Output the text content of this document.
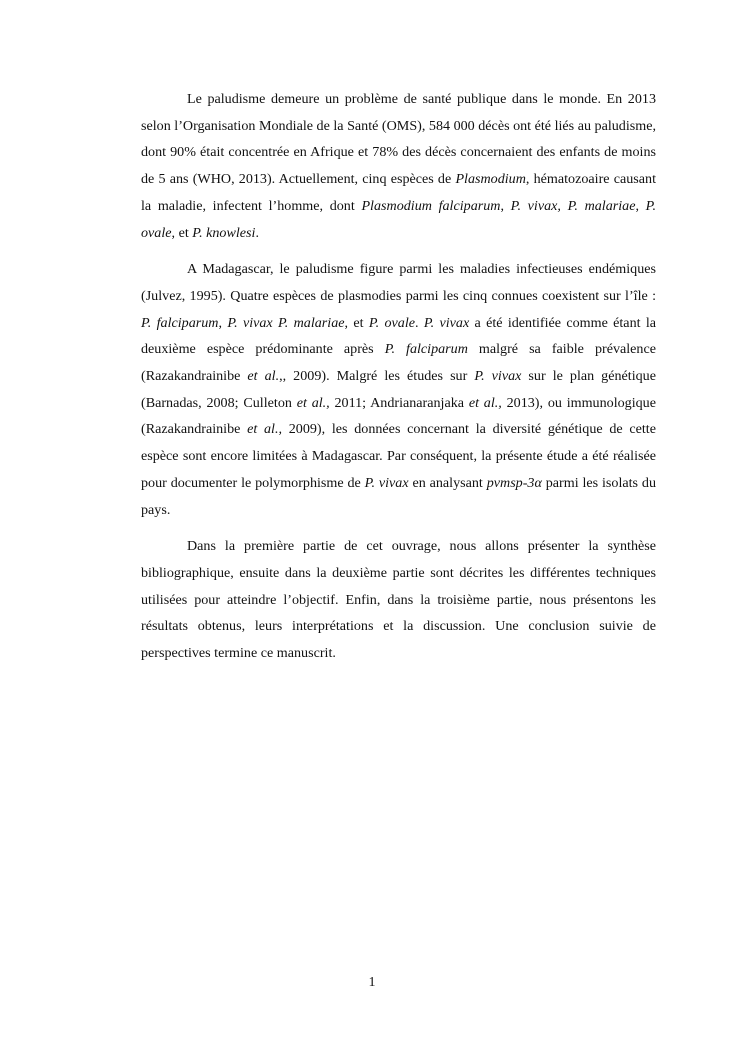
Le paludisme demeure un problème de santé publique dans le monde. En 2013 selon l’Organisation Mondiale de la Santé (OMS), 584 000 décès ont été liés au paludisme, dont 90% était concentrée en Afrique et 78% des décès concernaient des enfants de moins de 5 ans (WHO, 2013). Actuellement, cinq espèces de Plasmodium, hématozoaire causant la maladie, infectent l’homme, dont Plasmodium falciparum, P. vivax, P. malariae, P. ovale, et P. knowlesi.

A Madagascar, le paludisme figure parmi les maladies infectieuses endémiques (Julvez, 1995). Quatre espèces de plasmodies parmi les cinq connues coexistent sur l’île : P. falciparum, P. vivax P. malariae, et P. ovale. P. vivax a été identifiée comme étant la deuxième espèce prédominante après P. falciparum malgré sa faible prévalence (Razakandrainibe et al.,, 2009). Malgré les études sur P. vivax sur le plan génétique (Barnadas, 2008; Culleton et al., 2011; Andrianaranjaka et al., 2013), ou immunologique (Razakandrainibe et al., 2009), les données concernant la diversité génétique de cette espèce sont encore limitées à Madagascar. Par conséquent, la présente étude a été réalisée pour documenter le polymorphisme de P. vivax en analysant pvmsp-3α parmi les isolats du pays.

Dans la première partie de cet ouvrage, nous allons présenter la synthèse bibliographique, ensuite dans la deuxième partie sont décrites les différentes techniques utilisées pour atteindre l’objectif. Enfin, dans la troisième partie, nous présentons les résultats obtenus, leurs interprétations et la discussion. Une conclusion suivie de perspectives termine ce manuscrit.

1
